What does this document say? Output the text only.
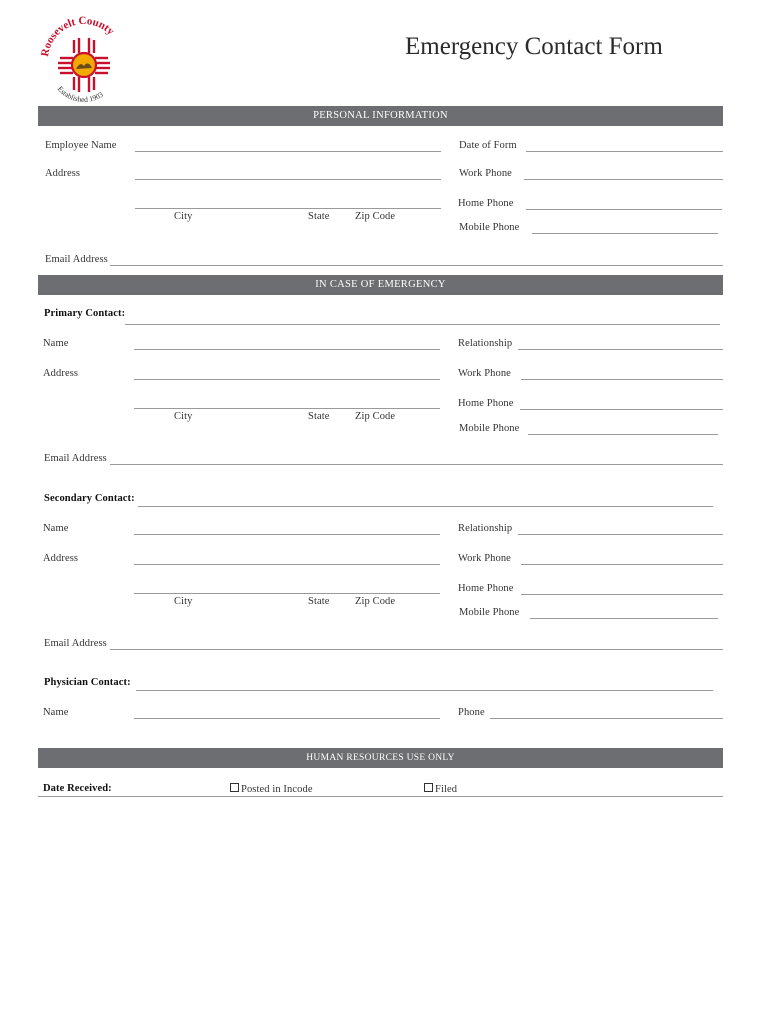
Roosevelt County
Established 1903
Emergency Contact Form
PERSONAL INFORMATION
Employee Name	Date of Form
Address	Work Phone
Home Phone
City	State Zip Code
Mobile Phone
Email Address
IN CASE OF EMERGENCY
Primary Contact:
Name	Relationship
Address	Work Phone
Home Phone
City	State Zip Code
Mobile Phone
Email Address
Secondary Contact:
Name	Relationship
Address	Work Phone
Home Phone
City	State Zip Code
Mobile Phone
Email Address
Physician Contact:
Name	Phone
HUMAN RESOURCES USE ONLY
Date Received:	Posted in Incode	Filed
